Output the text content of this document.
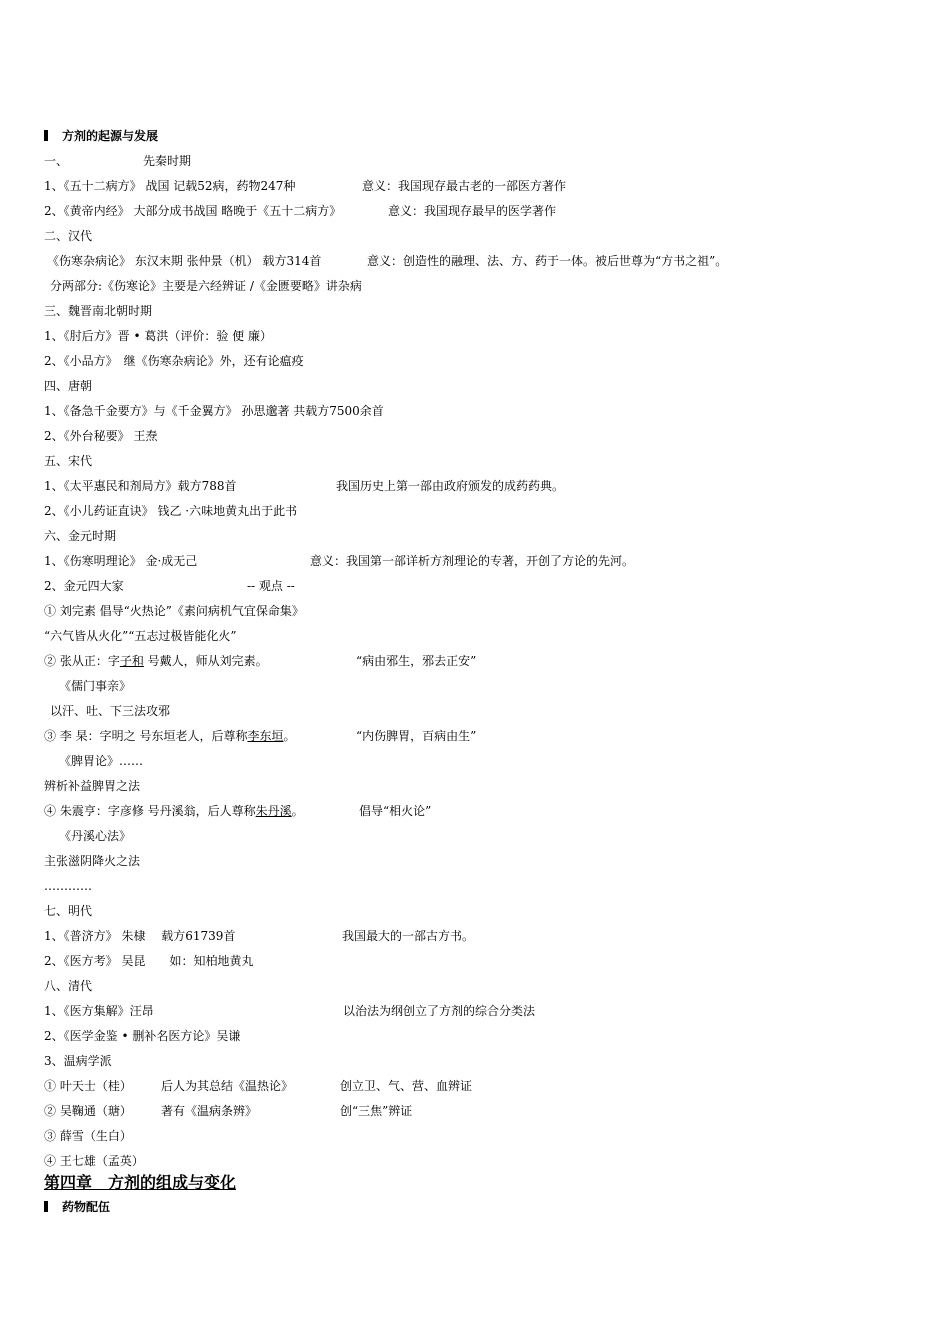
方剂的起源与发展
一、	先秦时期
1、《五十二病方》 战国 记载52病，药物247种	意义：我国现存最古老的一部医方著作
2、《黄帝内经》 大部分成书战国 略晚于《五十二病方》	意义：我国现存最早的医学著作
二、汉代
《伤寒杂病论》 东汉末期 张仲景（机） 载方314首	意义：创造性的融理、法、方、药于一体。被后世尊为“方书之祖”。
分两部分:《伤寒论》主要是六经辨证 /《金匮要略》讲杂病
三、魏晋南北朝时期
1、《肘后方》晋 • 葛洪（评价：验 便 廉）
2、《小品方》　继《伤寒杂病论》外，还有论瘟疫
四、唐朝
1、《备急千金要方》与《千金翼方》 孙思邈著 共载方7500余首
2、《外台秘要》 王焘
五、宋代
1、《太平惠民和剂局方》载方788首	我国历史上第一部由政府颁发的成药药典。
2、《小儿药证直诀》 钱乙 ·六味地黄丸出于此书
六、金元时期
1、《伤寒明理论》 金·成无己	意义：我国第一部详析方剂理论的专著，开创了方论的先河。
2、金元四大家	-- 观点 --
① 刘完素 倡导“火热论”《素问病机气宜保命集》
“六气皆从火化”“五志过极皆能化火”
② 张从正：字子和 号戴人，师从刘完素。	“病由邪生，邪去正安”
《儒门事亲》
以汗、吐、下三法攻邪
③ 李 杲：字明之 号东垣老人，后尊称李东垣。	“内伤脾胃，百病由生”
《脾胃论》……
辨析补益脾胃之法
④ 朱震亨：字彦修 号丹溪翁，后人尊称朱丹溪。	倡导“相火论”
《丹溪心法》
主张滋阴降火之法
…………
七、明代
1、《普济方》 朱棣　 载方61739首	我国最大的一部古方书。
2、《医方考》 吴昆　　如：知柏地黄丸
八、清代
1、《医方集解》汪昂	以治法为纲创立了方剂的综合分类法
2、《医学金鉴 • 删补名医方论》吴谦
3、温病学派
① 叶天士（桂） 后人为其总结《温热论》	创立卫、气、营、血辨证
② 吴鞠通（瑭） 著有《温病条辨》	创“三焦”辨证
③ 薛雪（生白）
④ 王七雄（孟英）
第四章　方剂的组成与变化
药物配伍
